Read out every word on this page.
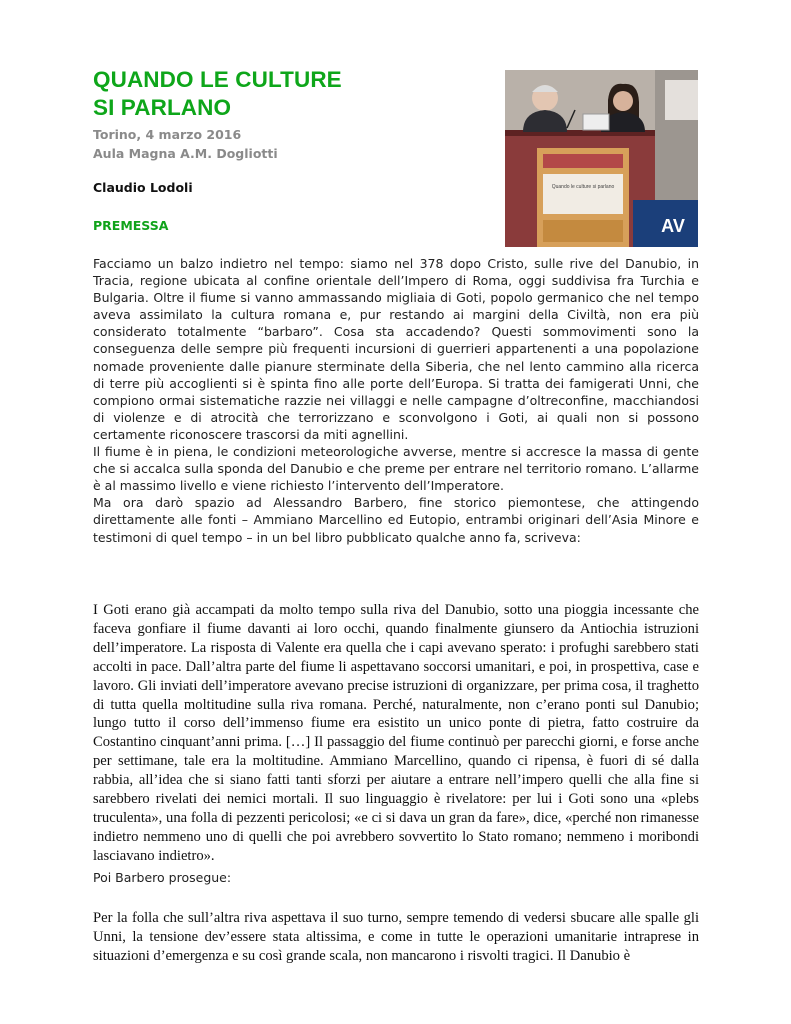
QUANDO LE CULTURE
SI PARLANO
Torino, 4 marzo 2016
Aula Magna A.M. Dogliotti
Claudio Lodoli
PREMESSA
Quando le culture si parlano
AV

Facciamo un balzo indietro nel tempo: siamo nel 378 dopo Cristo, sulle rive del Danubio, in Tracia, regione ubicata al confine orientale dell’Impero di Roma, oggi suddivisa fra Turchia e Bulgaria. Oltre il fiume si vanno ammassando migliaia di Goti, popolo germanico che nel tempo aveva assimilato la cultura romana e, pur restando ai margini della Civiltà, non era più considerato totalmente “barbaro”. Cosa sta accadendo? Questi sommovimenti sono la conseguenza delle sempre più frequenti incursioni di guerrieri appartenenti a una popolazione nomade proveniente dalle pianure sterminate della Siberia, che nel lento cammino alla ricerca di terre più accoglienti si è spinta fino alle porte dell’Europa. Si tratta dei famigerati Unni, che compiono ormai sistematiche razzie nei villaggi e nelle campagne d’oltreconfine, macchiandosi di violenze e di atrocità che terrorizzano e sconvolgono i Goti, ai quali non si possono certamente riconoscere trascorsi da miti agnellini.

Il fiume è in piena, le condizioni meteorologiche avverse, mentre si accresce la massa di gente che si accalca sulla sponda del Danubio e che preme per entrare nel territorio romano. L’allarme è al massimo livello e viene richiesto l’intervento dell’Imperatore.

Ma ora darò spazio ad Alessandro Barbero, fine storico piemontese, che attingendo direttamente alle fonti – Ammiano Marcellino ed Eutopio, entrambi originari dell’Asia Minore e testimoni di quel tempo – in un bel libro pubblicato qualche anno fa, scriveva:

I Goti erano già accampati da molto tempo sulla riva del Danubio, sotto una pioggia incessante che faceva gonfiare il fiume davanti ai loro occhi, quando finalmente giunsero da Antiochia istruzioni dell’imperatore. La risposta di Valente era quella che i capi avevano sperato: i profughi sarebbero stati accolti in pace. Dall’altra parte del fiume li aspettavano soccorsi umanitari, e poi, in prospettiva, case e lavoro. Gli inviati dell’imperatore avevano precise istruzioni di organizzare, per prima cosa, il traghetto di tutta quella moltitudine sulla riva romana. Perché, naturalmente, non c’erano ponti sul Danubio; lungo tutto il corso dell’immenso fiume era esistito un unico ponte di pietra, fatto costruire da Costantino cinquant’anni prima. […] Il passaggio del fiume continuò per parecchi giorni, e forse anche per settimane, tale era la moltitudine. Ammiano Marcellino, quando ci ripensa, è fuori di sé dalla rabbia, all’idea che si siano fatti tanti sforzi per aiutare a entrare nell’impero quelli che alla fine si sarebbero rivelati dei nemici mortali. Il suo linguaggio è rivelatore: per lui i Goti sono una «plebs truculenta», una folla di pezzenti pericolosi; «e ci si dava un gran da fare», dice, «perché non rimanesse indietro nemmeno uno di quelli che poi avrebbero sovvertito lo Stato romano; nemmeno i moribondi lasciavano indietro».
Poi Barbero prosegue:
Per la folla che sull’altra riva aspettava il suo turno, sempre temendo di vedersi sbucare alle spalle gli Unni, la tensione dev’essere stata altissima, e come in tutte le operazioni umanitarie intraprese in situazioni d’emergenza e su così grande scala, non mancarono i risvolti tragici. Il Danubio è
